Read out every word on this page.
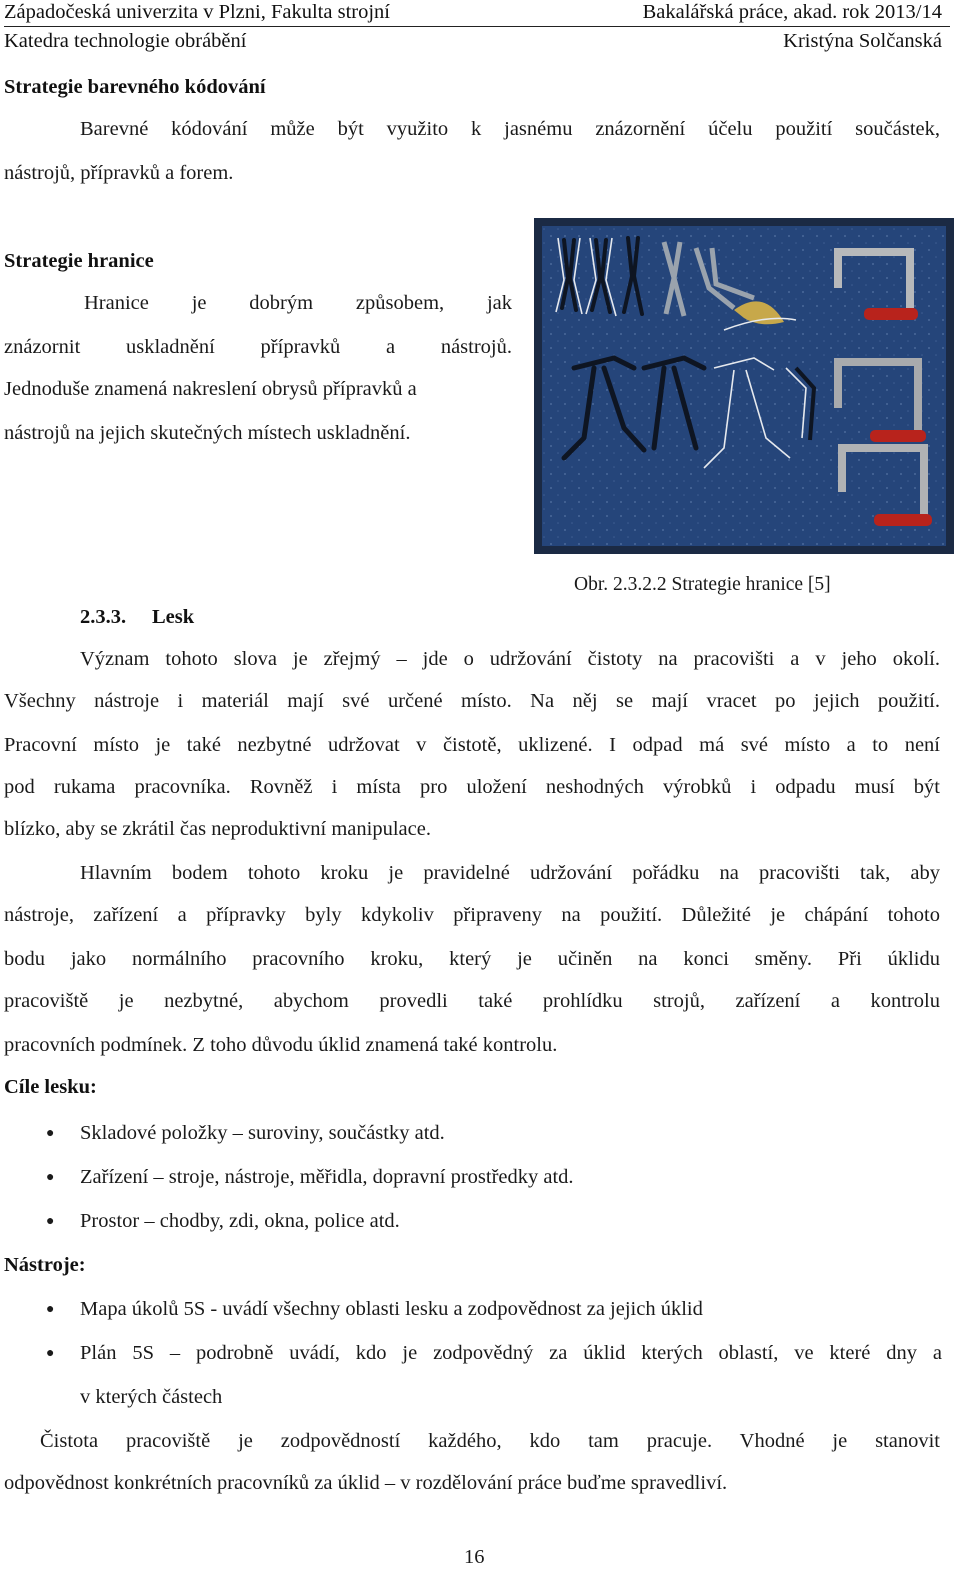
Západočeská univerzita v Plzni, Fakulta strojní	Bakalářská práce, akad. rok 2013/14
Katedra technologie obrábění	Kristýna Solčanská
Strategie barevného kódování
Barevné kódování může být využito k jasnému znázornění účelu použití součástek,
nástrojů, přípravků a forem.
Strategie hranice
Hranice je dobrým způsobem, jak
znázornit uskladnění přípravků a nástrojů.
Jednoduše znamená nakreslení obrysů přípravků a
nástrojů na jejich skutečných místech uskladnění.
Obr. 2.3.2.2 Strategie hranice [5]
2.3.3. Lesk
Význam tohoto slova je zřejmý – jde o udržování čistoty na pracovišti a v jeho okolí.
Všechny nástroje i materiál mají své určené místo. Na něj se mají vracet po jejich použití.
Pracovní místo je také nezbytné udržovat v čistotě, uklizené. I odpad má své místo a to není
pod rukama pracovníka. Rovněž i místa pro uložení neshodných výrobků i odpadu musí být
blízko, aby se zkrátil čas neproduktivní manipulace.
Hlavním bodem tohoto kroku je pravidelné udržování pořádku na pracovišti tak, aby
nástroje, zařízení a přípravky byly kdykoliv připraveny na použití. Důležité je chápání tohoto
bodu jako normálního pracovního kroku, který je učiněn na konci směny. Při úklidu
pracoviště je nezbytné, abychom provedli také prohlídku strojů, zařízení a kontrolu
pracovních podmínek. Z toho důvodu úklid znamená také kontrolu.
Cíle lesku:
● Skladové položky – suroviny, součástky atd.
● Zařízení – stroje, nástroje, měřidla, dopravní prostředky atd.
● Prostor – chodby, zdi, okna, police atd.
Nástroje:
● Mapa úkolů 5S - uvádí všechny oblasti lesku a zodpovědnost za jejich úklid
● Plán 5S – podrobně uvádí, kdo je zodpovědný za úklid kterých oblastí, ve které dny a
v kterých částech
Čistota pracoviště je zodpovědností každého, kdo tam pracuje. Vhodné je stanovit
odpovědnost konkrétních pracovníků za úklid – v rozdělování práce buďme spravedliví.
16
